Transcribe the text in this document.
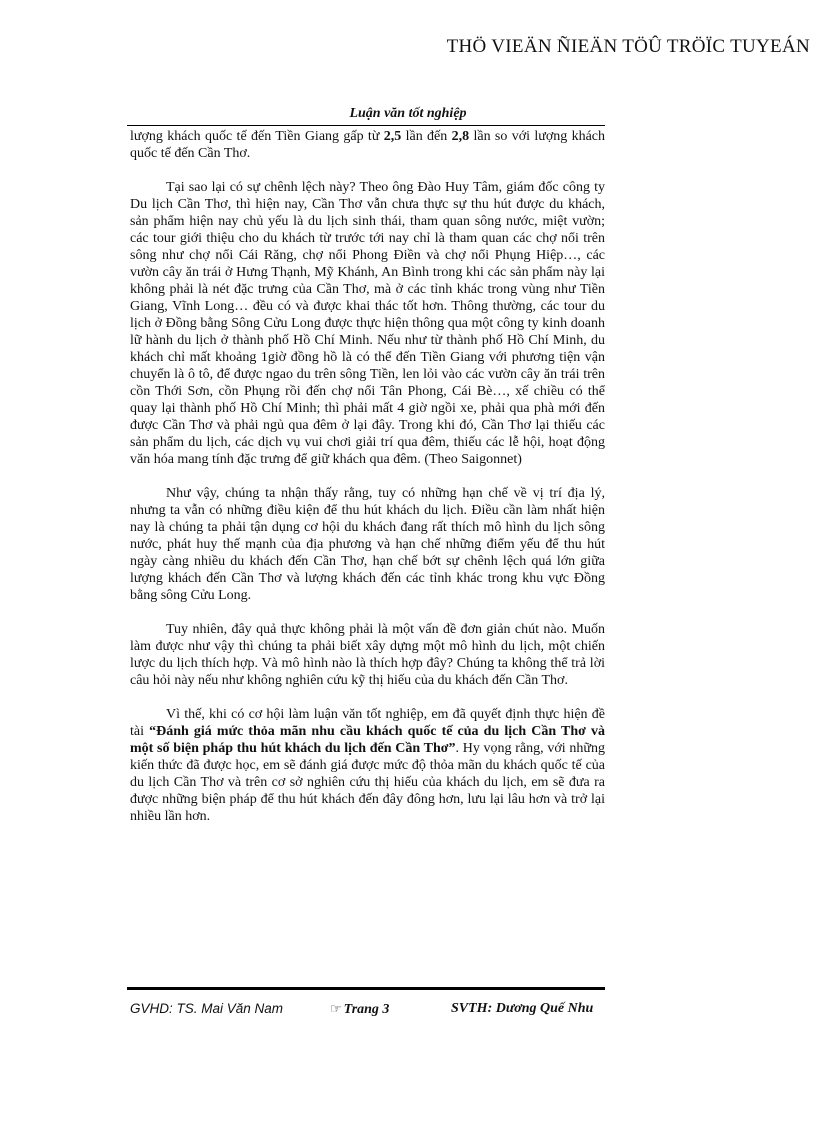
THÖ VIEÄN ÑIEÄN TÖÛ TRÖÏC TUYEÁN
Luận văn tốt nghiệp

lượng khách quốc tế đến Tiền Giang gấp từ 2,5 lần đến 2,8 lần so với lượng khách quốc tế đến Cần Thơ.

Tại sao lại có sự chênh lệch này? Theo ông Đào Huy Tâm, giám đốc công ty Du lịch Cần Thơ, thì hiện nay, Cần Thơ vẫn chưa thực sự thu hút được du khách, sản phẩm hiện nay chủ yếu là du lịch sinh thái, tham quan sông nước, miệt vườn; các tour giới thiệu cho du khách từ trước tới nay chỉ là tham quan các chợ nổi trên sông như chợ nổi Cái Răng, chợ nổi Phong Điền và chợ nổi Phụng Hiệp…, các vườn cây ăn trái ở Hưng Thạnh, Mỹ Khánh, An Bình trong khi các sản phẩm này lại không phải là nét đặc trưng của Cần Thơ, mà ở các tỉnh khác trong vùng như Tiền Giang, Vĩnh Long… đều có và được khai thác tốt hơn. Thông thường, các tour du lịch ở Đồng bằng Sông Cửu Long được thực hiện thông qua một công ty kinh doanh lữ hành du lịch ở thành phố Hồ Chí Minh. Nếu như từ thành phố Hồ Chí Minh, du khách chỉ mất khoảng 1giờ đồng hồ là có thể đến Tiền Giang với phương tiện vận chuyển là ô tô, để được ngao du trên sông Tiền, len lỏi vào các vườn cây ăn trái trên cồn Thới Sơn, cồn Phụng rồi đến chợ nổi Tân Phong, Cái Bè…, xế chiều có thể quay lại thành phố Hồ Chí Minh; thì phải mất 4 giờ ngồi xe, phải qua phà mới đến được Cần Thơ và phải ngủ qua đêm ở lại đây. Trong khi đó, Cần Thơ lại thiếu các sản phẩm du lịch, các dịch vụ vui chơi giải trí qua đêm, thiếu các lễ hội, hoạt động văn hóa mang tính đặc trưng để giữ khách qua đêm. (Theo Saigonnet)

Như vậy, chúng ta nhận thấy rằng, tuy có những hạn chế về vị trí địa lý, nhưng ta vẫn có những điều kiện để thu hút khách du lịch. Điều cần làm nhất hiện nay là chúng ta phải tận dụng cơ hội du khách đang rất thích mô hình du lịch sông nước, phát huy thế mạnh của địa phương và hạn chế những điểm yếu để thu hút ngày càng nhiều du khách đến Cần Thơ, hạn chế bớt sự chênh lệch quá lớn giữa lượng khách đến Cần Thơ và lượng khách đến các tỉnh khác trong khu vực Đồng bằng sông Cửu Long.

Tuy nhiên, đây quả thực không phải là một vấn đề đơn giản chút nào. Muốn làm được như vậy thì chúng ta phải biết xây dựng một mô hình du lịch, một chiến lược du lịch thích hợp. Và mô hình nào là thích hợp đây? Chúng ta không thể trả lời câu hỏi này nếu như không nghiên cứu kỹ thị hiếu của du khách đến Cần Thơ.

Vì thế, khi có cơ hội làm luận văn tốt nghiệp, em đã quyết định thực hiện đề tài “Đánh giá mức thỏa mãn nhu cầu khách quốc tế của du lịch Cần Thơ và một số biện pháp thu hút khách du lịch đến Cần Thơ”. Hy vọng rằng, với những kiến thức đã được học, em sẽ đánh giá được mức độ thỏa mãn du khách quốc tế của du lịch Cần Thơ và trên cơ sở nghiên cứu thị hiếu của khách du lịch, em sẽ đưa ra được những biện pháp để thu hút khách đến đây đông hơn, lưu lại lâu hơn và trở lại nhiều lần hơn.

GVHD: TS. Mai Văn Nam	☞ Trang 3	SVTH: Dương Quế Nhu
